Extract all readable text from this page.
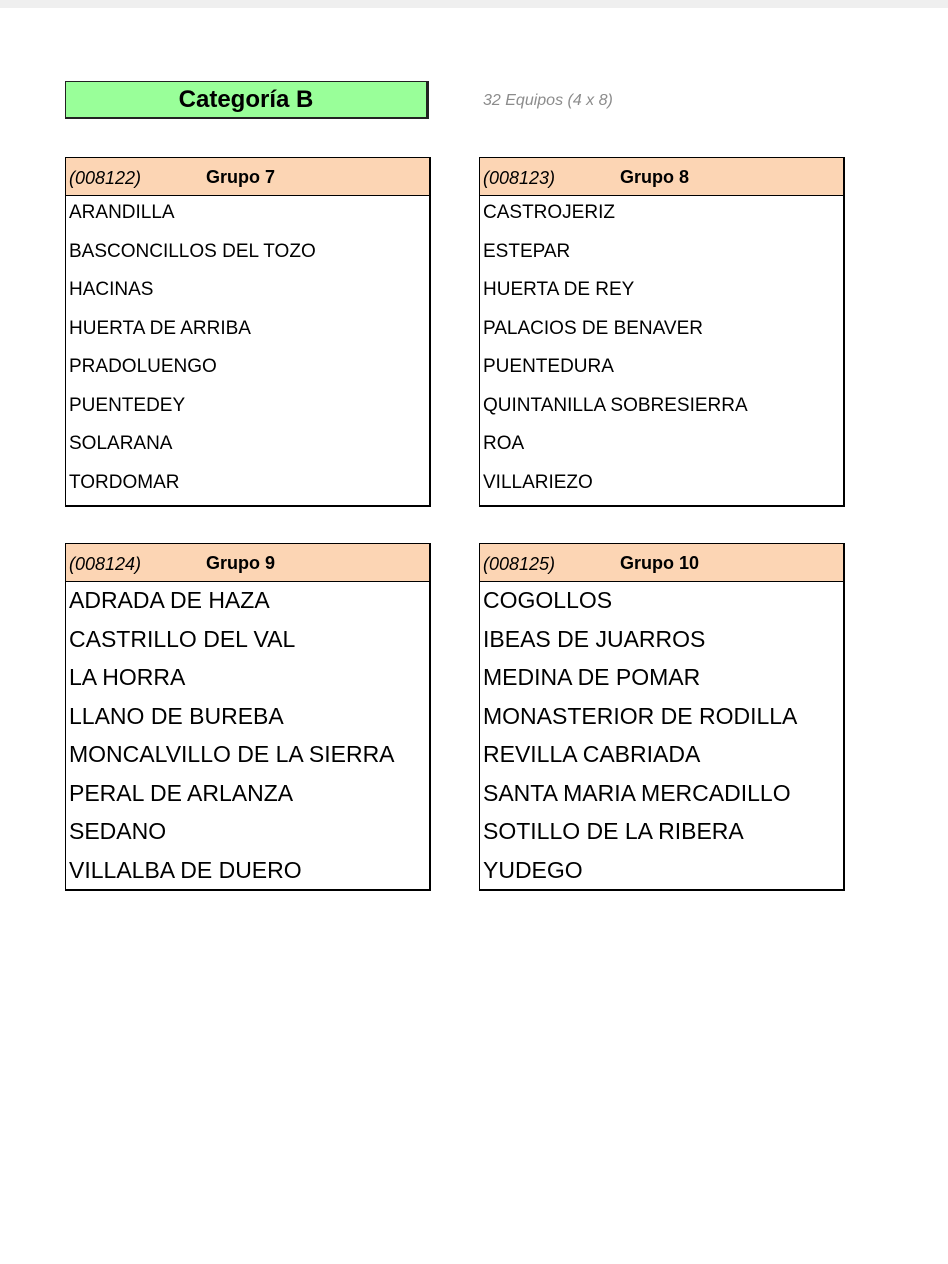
Categoría B	32 Equipos (4 x 8)
(008122)	Grupo 7
ARANDILLA
BASCONCILLOS DEL TOZO
HACINAS
HUERTA DE ARRIBA
PRADOLUENGO
PUENTEDEY
SOLARANA
TORDOMAR
(008123)	Grupo 8
CASTROJERIZ
ESTEPAR
HUERTA DE REY
PALACIOS DE BENAVER
PUENTEDURA
QUINTANILLA SOBRESIERRA
ROA
VILLARIEZO
(008124)	Grupo 9
ADRADA DE HAZA
CASTRILLO DEL VAL
LA HORRA
LLANO DE BUREBA
MONCALVILLO DE LA SIERRA
PERAL DE ARLANZA
SEDANO
VILLALBA DE DUERO
(008125)	Grupo 10
COGOLLOS
IBEAS DE JUARROS
MEDINA DE POMAR
MONASTERIOR DE RODILLA
REVILLA CABRIADA
SANTA MARIA MERCADILLO
SOTILLO DE LA RIBERA
YUDEGO
